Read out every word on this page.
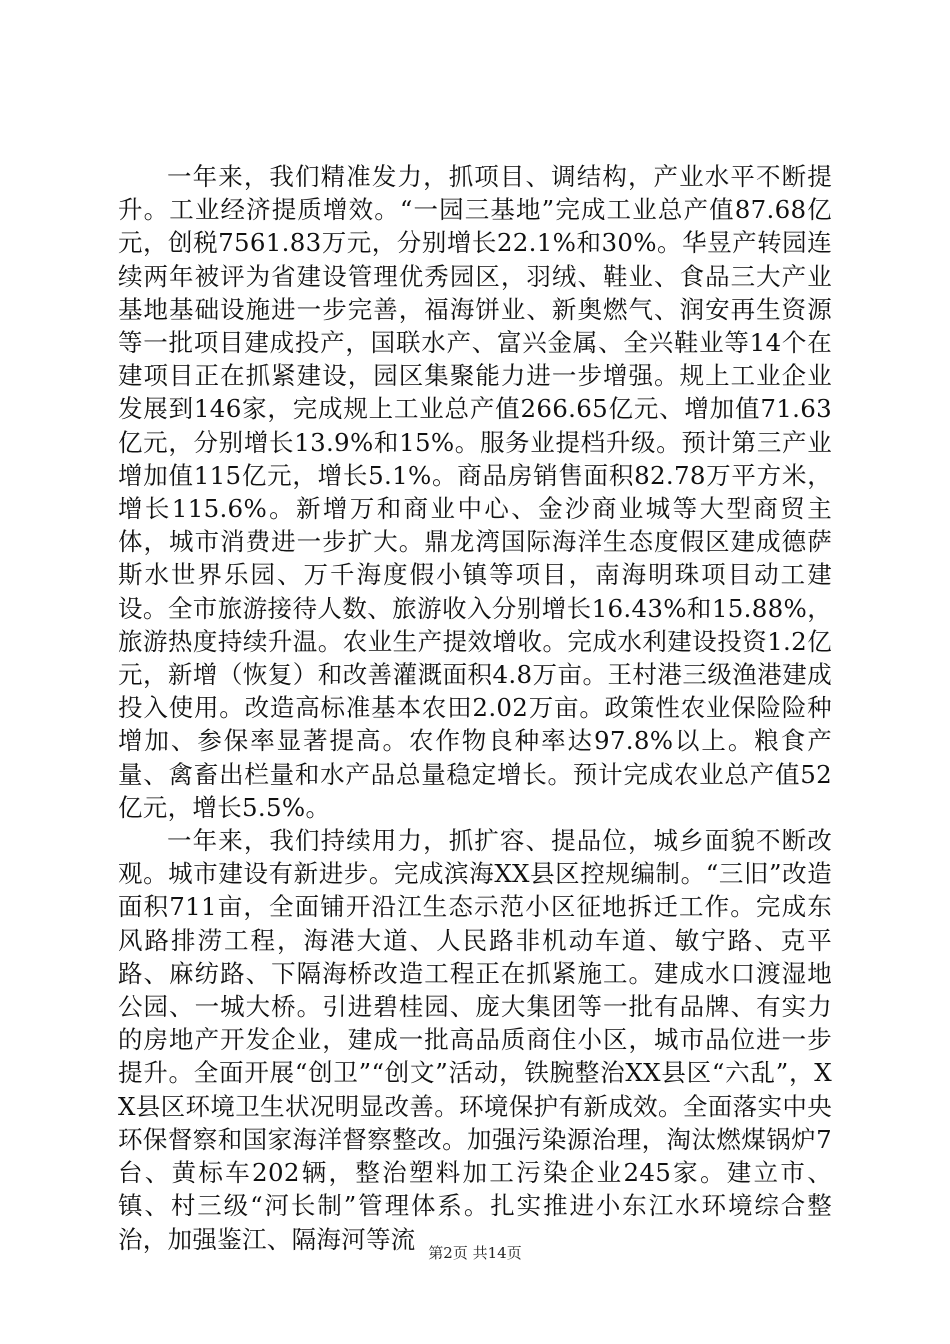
一年来，我们精准发力，抓项目、调结构，产业水平不断提升。工业经济提质增效。“一园三基地”完成工业总产值87.68亿元，创税7561.83万元，分别增长22.1%和30%。华昱产转园连续两年被评为省建设管理优秀园区，羽绒、鞋业、食品三大产业基地基础设施进一步完善，福海饼业、新奥燃气、润安再生资源等一批项目建成投产，国联水产、富兴金属、全兴鞋业等14个在建项目正在抓紧建设，园区集聚能力进一步增强。规上工业企业发展到146家，完成规上工业总产值266.65亿元、增加值71.63亿元，分别增长13.9%和15%。服务业提档升级。预计第三产业增加值115亿元，增长5.1%。商品房销售面积82.78万平方米，增长115.6%。新增万和商业中心、金沙商业城等大型商贸主体，城市消费进一步扩大。鼎龙湾国际海洋生态度假区建成德萨斯水世界乐园、万千海度假小镇等项目，南海明珠项目动工建设。全市旅游接待人数、旅游收入分别增长16.43%和15.88%，旅游热度持续升温。农业生产提效增收。完成水利建设投资1.2亿元，新增（恢复）和改善灌溉面积4.8万亩。王村港三级渔港建成投入使用。改造高标准基本农田2.02万亩。政策性农业保险险种增加、参保率显著提高。农作物良种率达97.8%以上。粮食产量、禽畜出栏量和水产品总量稳定增长。预计完成农业总产值52亿元，增长5.5%。

一年来，我们持续用力，抓扩容、提品位，城乡面貌不断改观。城市建设有新进步。完成滨海XX县区控规编制。“三旧”改造面积711亩，全面铺开沿江生态示范小区征地拆迁工作。完成东风路排涝工程，海港大道、人民路非机动车道、敏宁路、克平路、麻纺路、下隔海桥改造工程正在抓紧施工。建成水口渡湿地公园、一城大桥。引进碧桂园、庞大集团等一批有品牌、有实力的房地产开发企业，建成一批高品质商住小区，城市品位进一步提升。全面开展“创卫”“创文”活动，铁腕整治XX县区“六乱”，XX县区环境卫生状况明显改善。环境保护有新成效。全面落实中央环保督察和国家海洋督察整改。加强污染源治理，淘汰燃煤锅炉7台、黄标车202辆，整治塑料加工污染企业245家。建立市、镇、村三级“河长制”管理体系。扎实推进小东江水环境综合整治，加强鉴江、隔海河等流 第2页 共14页
